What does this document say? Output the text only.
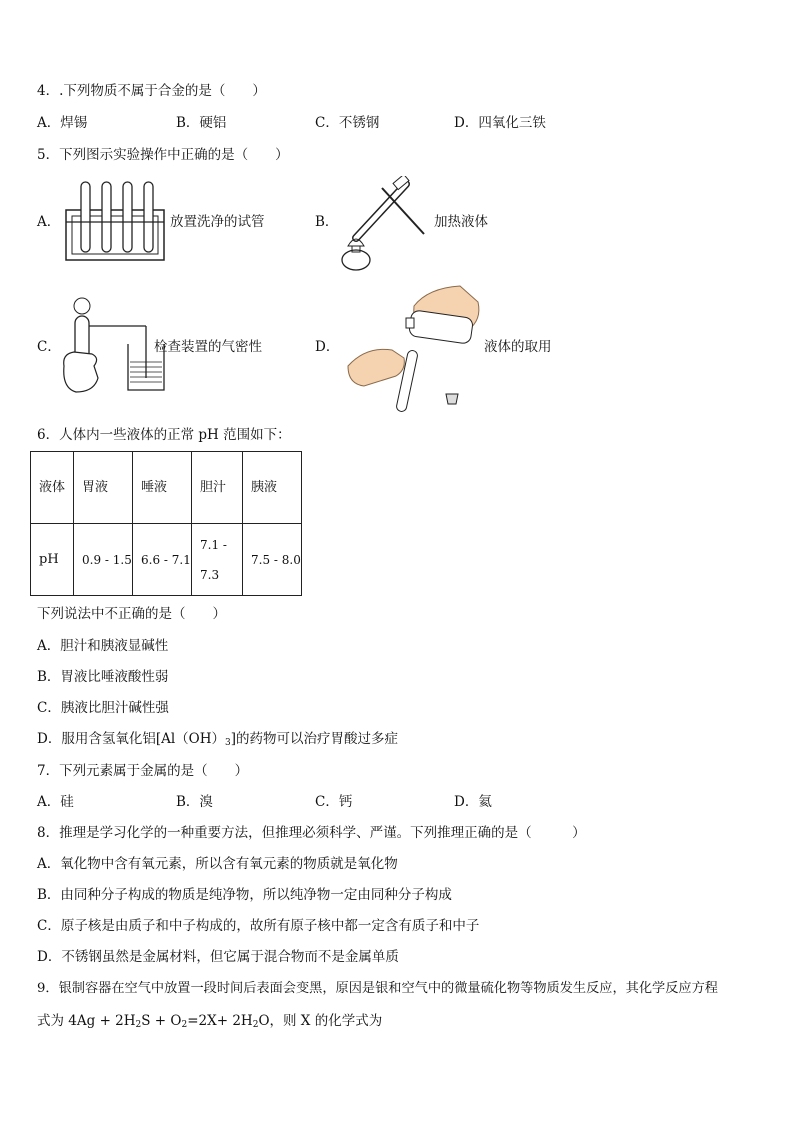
4．.下列物质不属于合金的是（　　）
A．焊锡	B．硬铝	C．不锈钢	D．四氧化三铁
5．下列图示实验操作中正确的是（　　）
A．	放置洗净的试管	B．	加热液体
C．	检查装置的气密性	D．	液体的取用
6．人体内一些液体的正常 pH 范围如下：
液体	胃液	唾液	胆汁	胰液
pH	0.9 - 1.5	6.6 - 7.1	7.1 - 7.3	7.5 - 8.0
下列说法中不正确的是（　　）
A．胆汁和胰液显碱性
B．胃液比唾液酸性弱
C．胰液比胆汁碱性强
D．服用含氢氧化铝$[Al(OH)_3]$的药物可以治疗胃酸过多症
7．下列元素属于金属的是（　　）
A．硅	B．溴	C．钙	D．氦
8．推理是学习化学的一种重要方法，但推理必须科学、严谨。下列推理正确的是（　　　）
A．氧化物中含有氧元素，所以含有氧元素的物质就是氧化物
B．由同种分子构成的物质是纯净物，所以纯净物一定由同种分子构成
C．原子核是由质子和中子构成的，故所有原子核中都一定含有质子和中子
D．不锈钢虽然是金属材料，但它属于混合物而不是金属单质
9．银制容器在空气中放置一段时间后表面会变黑，原因是银和空气中的微量硫化物等物质发生反应，其化学反应方程
式为 $4Ag + 2H_2S + O_2=2X+ 2H_2O$，则 X 的化学式为
